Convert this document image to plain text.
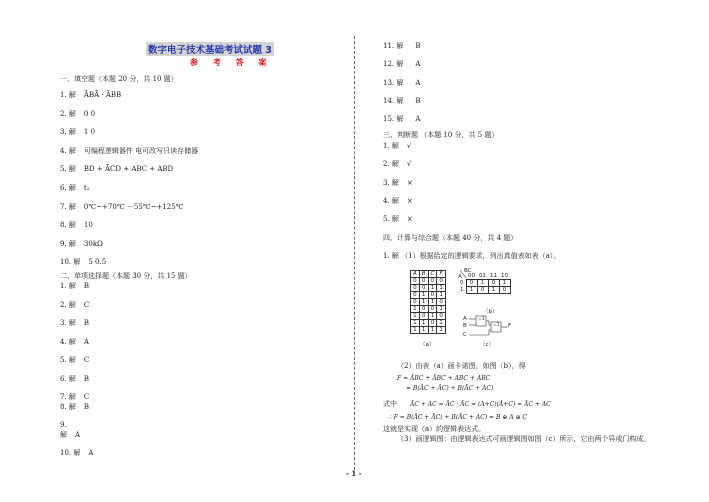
数字电子技术基础考试试题 3
参 考 答 案
一、填空题（本题 20 分，共 10 题）
1. 解 ĀBĀ · ĀBB
2. 解 0 0
3. 解 1 0
4. 解 可编程逻辑器件 电可改写只读存储器
5. 解 BD + ĀCD + ABC + ABD
6. 解 t₂
7. 解 0℃~+70℃ －55℃~+125℃
8. 解 10
9. 解 30kΩ
10. 解 5 0.5
二、单项选择题（本题 30 分，共 15 题）
1. 解 B
2. 解 C
3. 解 B
4. 解 A
5. 解 C
6. 解 B
7. 解 C
8. 解 B
9.
解 A
10. 解 A
11. 解 B
12. 解 A
13. 解 A
14. 解 B
15. 解 A
三、判断题 （本题 10 分，共 5 题）
1. 解 √
2. 解 √
3. 解 ×
4. 解 ×
5. 解 ×
四、计算与综合题（本题 40 分，共 4 题）
1. 解 （1）根据给定的逻辑要求，列出真值表如表（a）。
A	B	C	F
0	0	0	0
0	0	1	1
0	1	0	1
0	1	1	0
1	0	0	1
1	0	1	0
1	1	0	1
1	1	1	1
（a）
BC
A
	00	01	11	10
0	0	1	0	1
1	1	0	1	0
（b）
A
B
C
F
=1
=1
（c）
（2）由表（a）画卡诺图，如图（b），得
F = ĀBC + ĀBC + ABC + ABC
= B(ĀC + ĀC) + B(ĀC + AC)
式中 ĀC + AC = ĀC · ĀC = (A+C)(Ā+C) = ĀC + AC
∴ F = B(ĀC + ĀC) + B(ĀC + AC) = B ⊕ A ⊕ C
这就是实现（a）的逻辑表达式。
（3）画逻辑图：由逻辑表达式可画逻辑图如图（c）所示，它由两个异或门构成。
- 1 -
